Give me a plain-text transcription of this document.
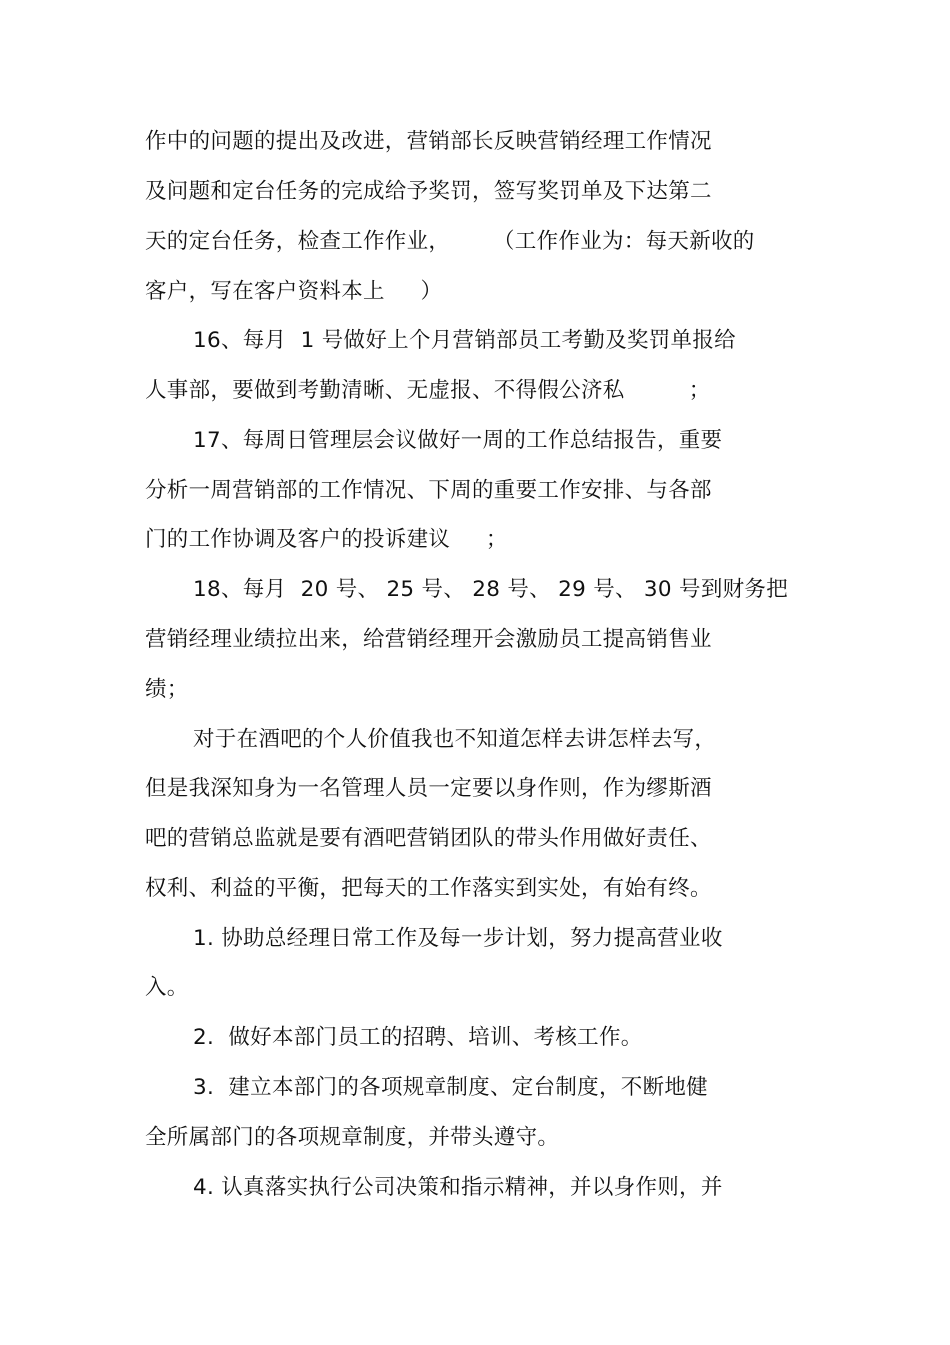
作中的问题的提出及改进，营销部长反映营销经理工作情况
及问题和定台任务的完成给予奖罚，签写奖罚单及下达第二
天的定台任务，检查工作作业，      （工作作业为：每天新收的
客户，写在客户资料本上     ）
16、每月  1 号做好上个月营销部员工考勤及奖罚单报给
人事部，要做到考勤清晰、无虚报、不得假公济私         ；
17、每周日管理层会议做好一周的工作总结报告，重要
分析一周营销部的工作情况、下周的重要工作安排、与各部
门的工作协调及客户的投诉建议     ；
18、每月  20 号、 25 号、 28 号、 29 号、 30 号到财务把
营销经理业绩拉出来，给营销经理开会激励员工提高销售业
绩；
对于在酒吧的个人价值我也不知道怎样去讲怎样去写，
但是我深知身为一名管理人员一定要以身作则，作为缪斯酒
吧的营销总监就是要有酒吧营销团队的带头作用做好责任、
权利、利益的平衡，把每天的工作落实到实处，有始有终。
1. 协助总经理日常工作及每一步计划，努力提高营业收
入。
2.  做好本部门员工的招聘、培训、考核工作。
3.  建立本部门的各项规章制度、定台制度，不断地健
全所属部门的各项规章制度，并带头遵守。
4. 认真落实执行公司决策和指示精神，并以身作则，并
